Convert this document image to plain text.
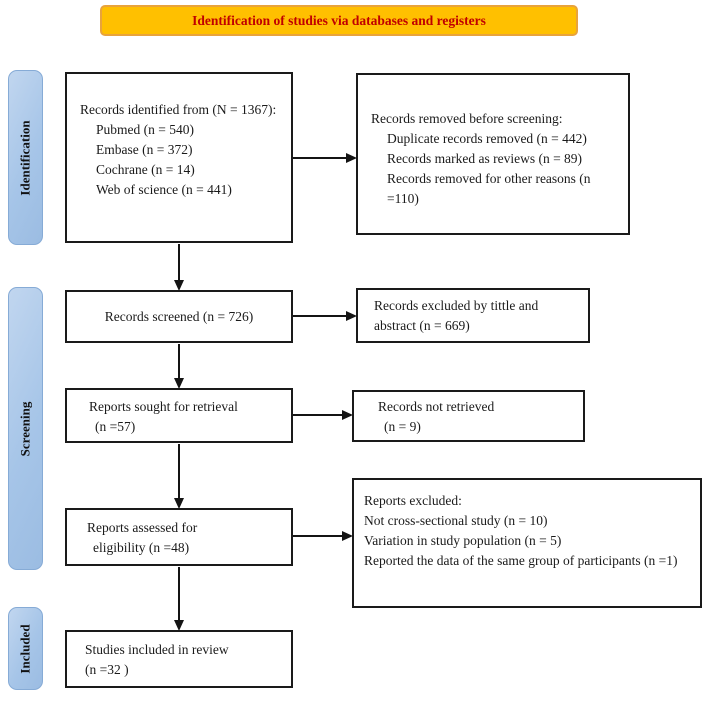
Identification of studies via databases and registers
Identification
Screening
Included
Records identified from (N = 1367):
Pubmed (n = 540)
Embase (n = 372)
Cochrane (n = 14)
Web of science (n = 441)
Records removed before screening:
Duplicate records removed (n = 442)
Records marked as reviews (n = 89)
Records removed for other reasons (n =110)
Records screened (n = 726)
Records excluded by tittle and abstract (n = 669)
Reports sought for retrieval
(n =57)
Records not retrieved
(n = 9)
Reports assessed for
eligibility (n =48)
Reports excluded:
Not cross-sectional study (n = 10)
Variation in study population (n = 5)
Reported the data of the same group of participants (n =1)
Studies included in review
(n =32 )
